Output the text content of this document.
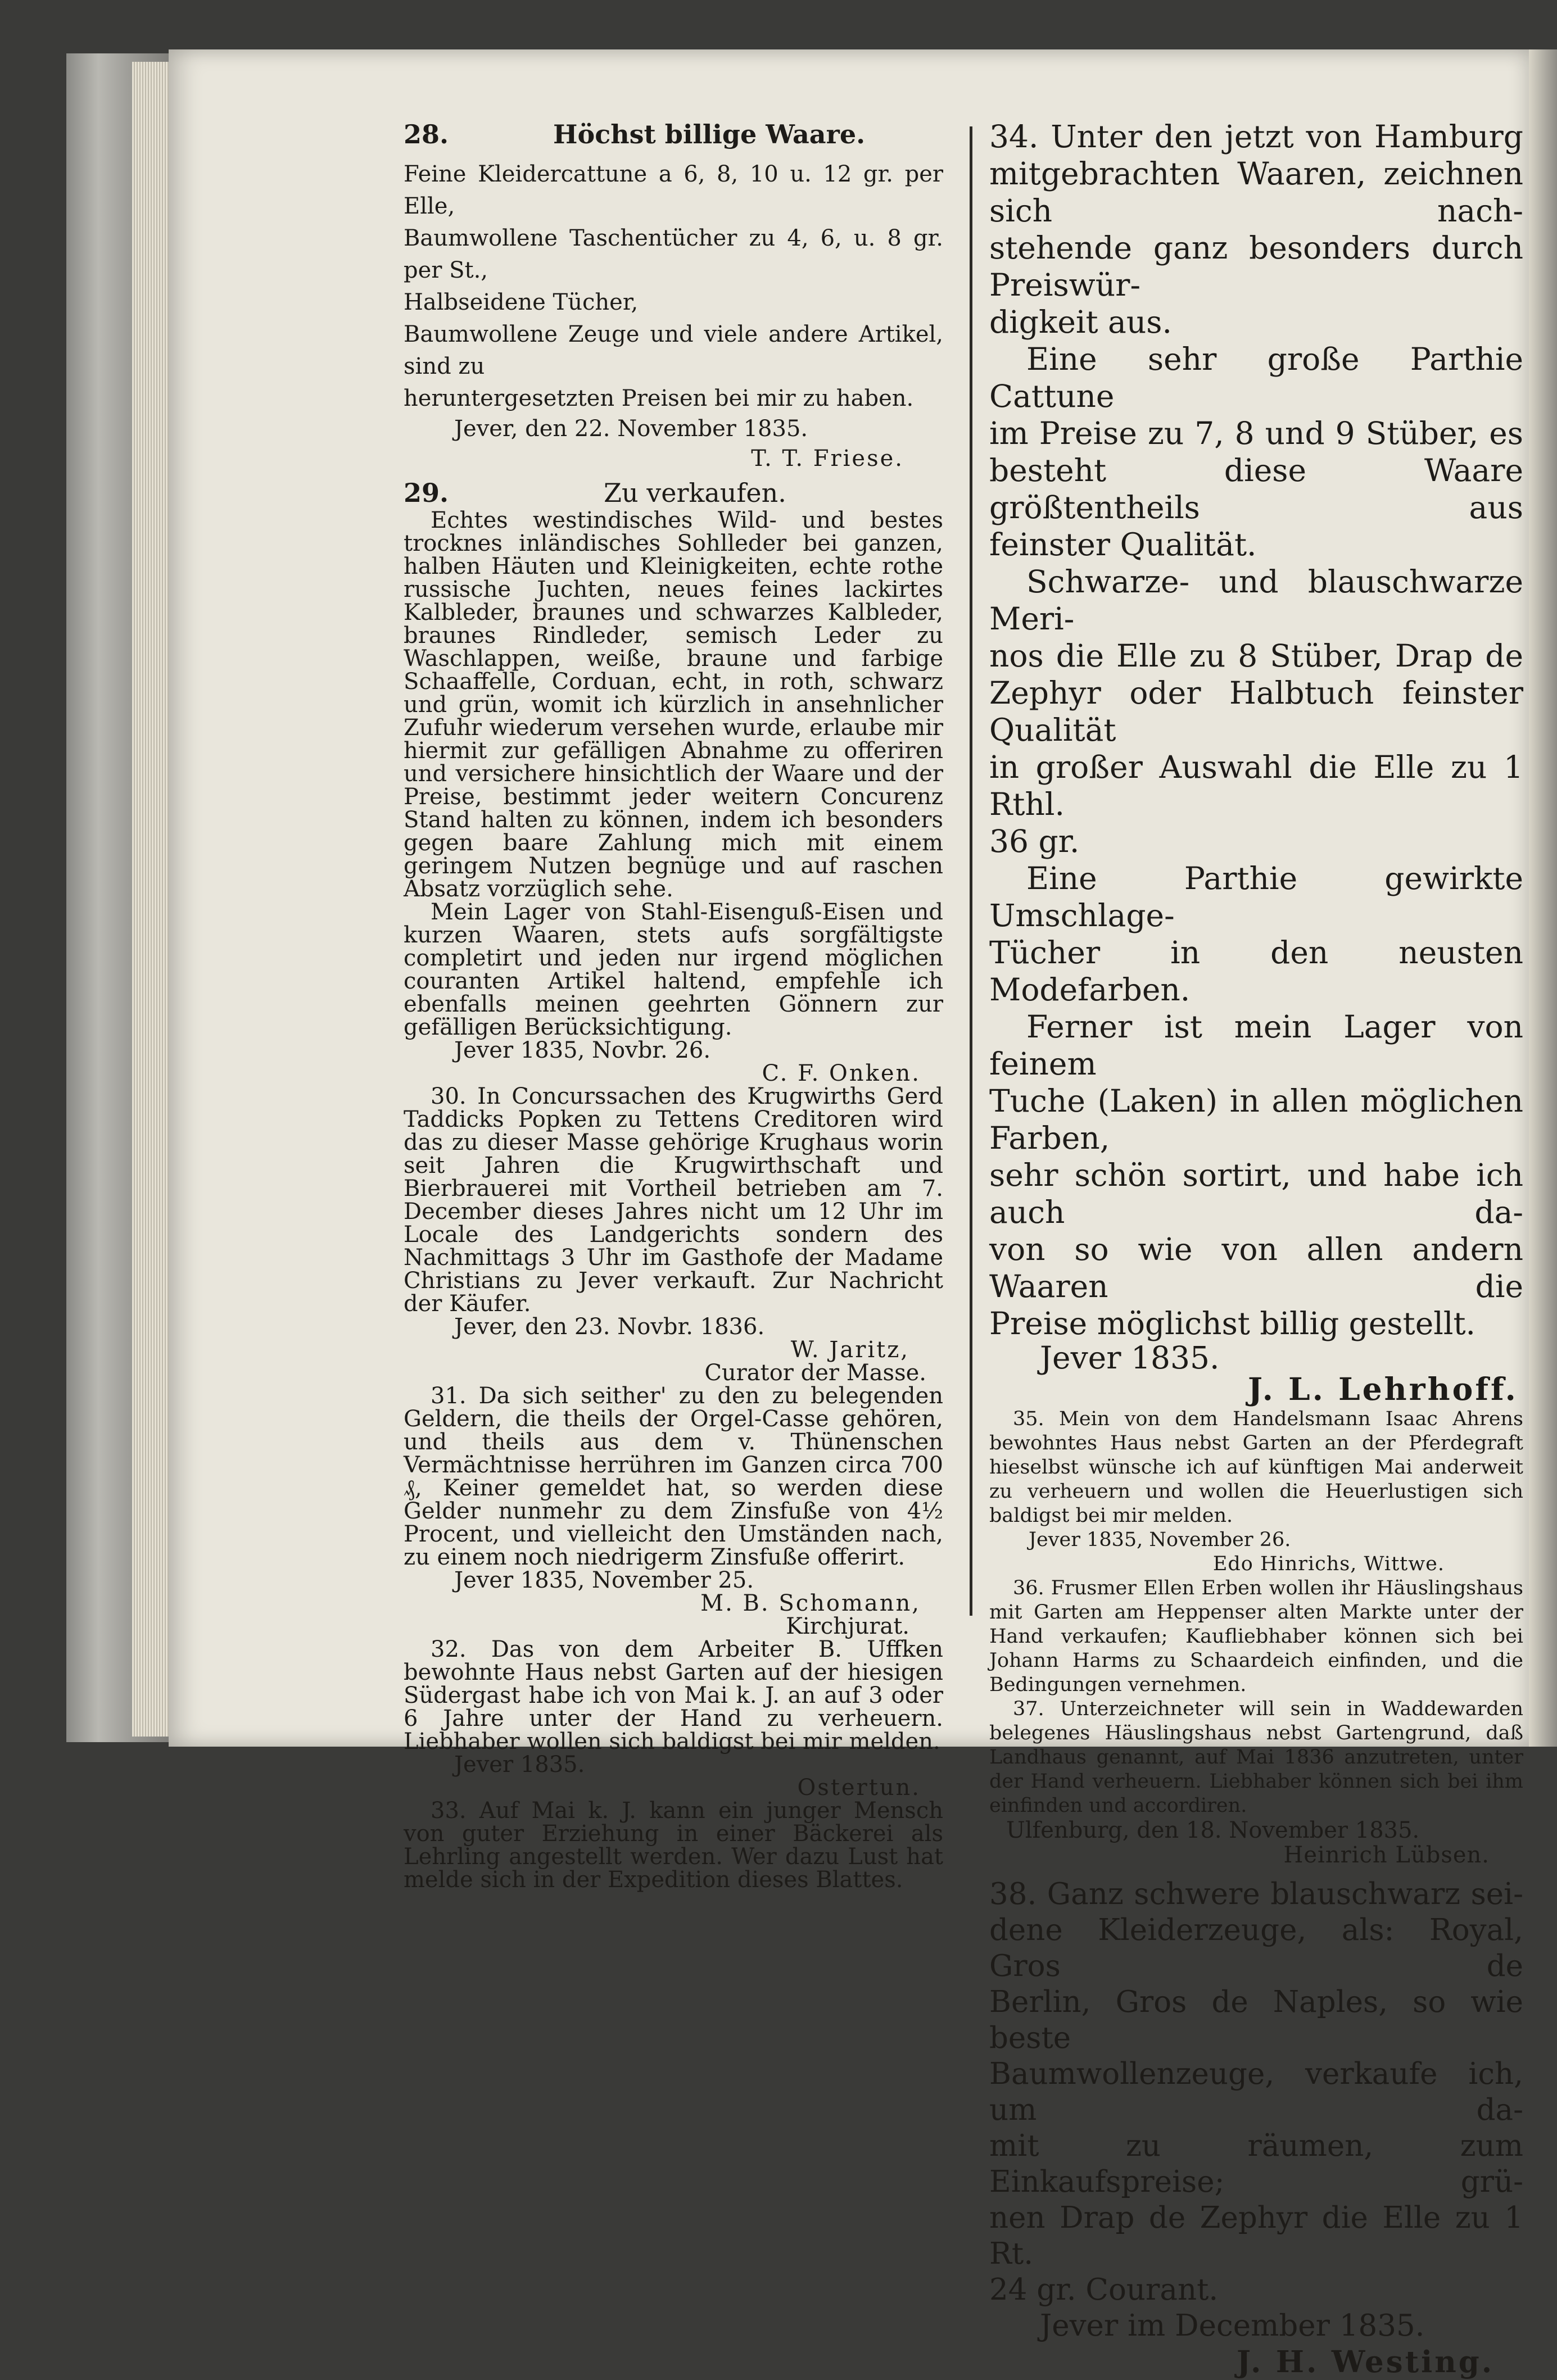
28.	Höchst billige Waare.

Feine Kleidercattune a 6, 8, 10 u. 12 gr. per Elle,

Baumwollene Taschentücher zu 4, 6, u. 8 gr. per St.,

Halbseidene Tücher,

Baumwollene Zeuge und viele andere Artikel, sind zu

heruntergesetzten Preisen bei mir zu haben.

Jever, den 22. November 1835.

T. T. Friese.

29.	Zu verkaufen.

Echtes westindisches Wild- und bestes trocknes inländisches Sohlleder bei ganzen, halben Häuten und Kleinigkeiten, echte rothe russische Juchten, neues feines lackirtes Kalbleder, braunes und schwarzes Kalbleder, braunes Rindleder, semisch Leder zu Waschlappen, weiße, braune und farbige Schaaffelle, Corduan, echt, in roth, schwarz und grün, womit ich kürzlich in ansehnlicher Zufuhr wiederum versehen wurde, erlaube mir hiermit zur gefälligen Abnahme zu offeriren und versichere hinsichtlich der Waare und der Preise, bestimmt jeder weitern Concurenz Stand halten zu können, indem ich besonders gegen baare Zahlung mich mit einem geringem Nutzen begnüge und auf raschen Absatz vorzüglich sehe.

Mein Lager von Stahl-Eisenguß-Eisen und kurzen Waaren, stets aufs sorgfältigste completirt und jeden nur irgend möglichen couranten Artikel haltend, empfehle ich ebenfalls meinen geehrten Gönnern zur gefälligen Berücksichtigung.

Jever 1835, Novbr. 26.

C. F. Onken.

30. In Concurssachen des Krugwirths Gerd Taddicks Popken zu Tettens Creditoren wird das zu dieser Masse gehörige Krughaus worin seit Jahren die Krugwirthschaft und Bierbrauerei mit Vortheil betrieben am 7. December dieses Jahres nicht um 12 Uhr im Locale des Landgerichts sondern des Nachmittags 3 Uhr im Gasthofe der Madame Christians zu Jever verkauft. Zur Nachricht der Käufer.

Jever, den 23. Novbr. 1836.

W. Jaritz,

Curator der Masse.

31. Da sich seither' zu den zu belegenden Geldern, die theils der Orgel-Casse gehören, und theils aus dem v. Thünenschen Vermächtnisse herrühren im Ganzen circa 700 ₰, Keiner gemeldet hat, so werden diese Gelder nunmehr zu dem Zinsfuße von 4½ Procent, und vielleicht den Umständen nach, zu einem noch niedrigerm Zinsfuße offerirt.

Jever 1835, November 25.

M. B. Schomann,

Kirchjurat.

32. Das von dem Arbeiter B. Uffken bewohnte Haus nebst Garten auf der hiesigen Südergast habe ich von Mai k. J. an auf 3 oder 6 Jahre unter der Hand zu verheuern. Liebhaber wollen sich baldigst bei mir melden.

Jever 1835.

Ostertun.

33. Auf Mai k. J. kann ein junger Mensch von guter Erziehung in einer Bäckerei als Lehrling angestellt werden. Wer dazu Lust hat melde sich in der Expedition dieses Blattes.

34. Unter den jetzt von Hamburg

mitgebrachten Waaren, zeichnen sich nach-

stehende ganz besonders durch Preiswür-

digkeit aus.

Eine sehr große Parthie Cattune

im Preise zu 7, 8 und 9 Stüber, es

besteht diese Waare größtentheils aus

feinster Qualität.

Schwarze- und blauschwarze Meri-

nos die Elle zu 8 Stüber, Drap de

Zephyr oder Halbtuch feinster Qualität

in großer Auswahl die Elle zu 1 Rthl.

36 gr.

Eine Parthie gewirkte Umschlage-

Tücher in den neusten Modefarben.

Ferner ist mein Lager von feinem

Tuche (Laken) in allen möglichen Farben,

sehr schön sortirt, und habe ich auch da-

von so wie von allen andern Waaren die

Preise möglichst billig gestellt.

Jever 1835.

J. L. Lehrhoff.

35. Mein von dem Handelsmann Isaac Ahrens bewohntes Haus nebst Garten an der Pferdegraft hieselbst wünsche ich auf künftigen Mai anderweit zu verheuern und wollen die Heuerlustigen sich baldigst bei mir melden.

Jever 1835, November 26.

Edo Hinrichs, Wittwe.

36. Frusmer Ellen Erben wollen ihr Häuslingshaus mit Garten am Heppenser alten Markte unter der Hand verkaufen; Kaufliebhaber können sich bei Johann Harms zu Schaardeich einfinden, und die Bedingungen vernehmen.

37. Unterzeichneter will sein in Waddewarden belegenes Häuslingshaus nebst Gartengrund, daß Landhaus genannt, auf Mai 1836 anzutreten, unter der Hand verheuern. Liebhaber können sich bei ihm einfinden und accordiren.

Ulfenburg, den 18. November 1835.

Heinrich Lübsen.

38. Ganz schwere blauschwarz sei-

dene Kleiderzeuge, als: Royal, Gros de

Berlin, Gros de Naples, so wie beste

Baumwollenzeuge, verkaufe ich, um da-

mit zu räumen, zum Einkaufspreise; grü-

nen Drap de Zephyr die Elle zu 1 Rt.

24 gr. Courant.

Jever im December 1835.

J. H. Westing.
